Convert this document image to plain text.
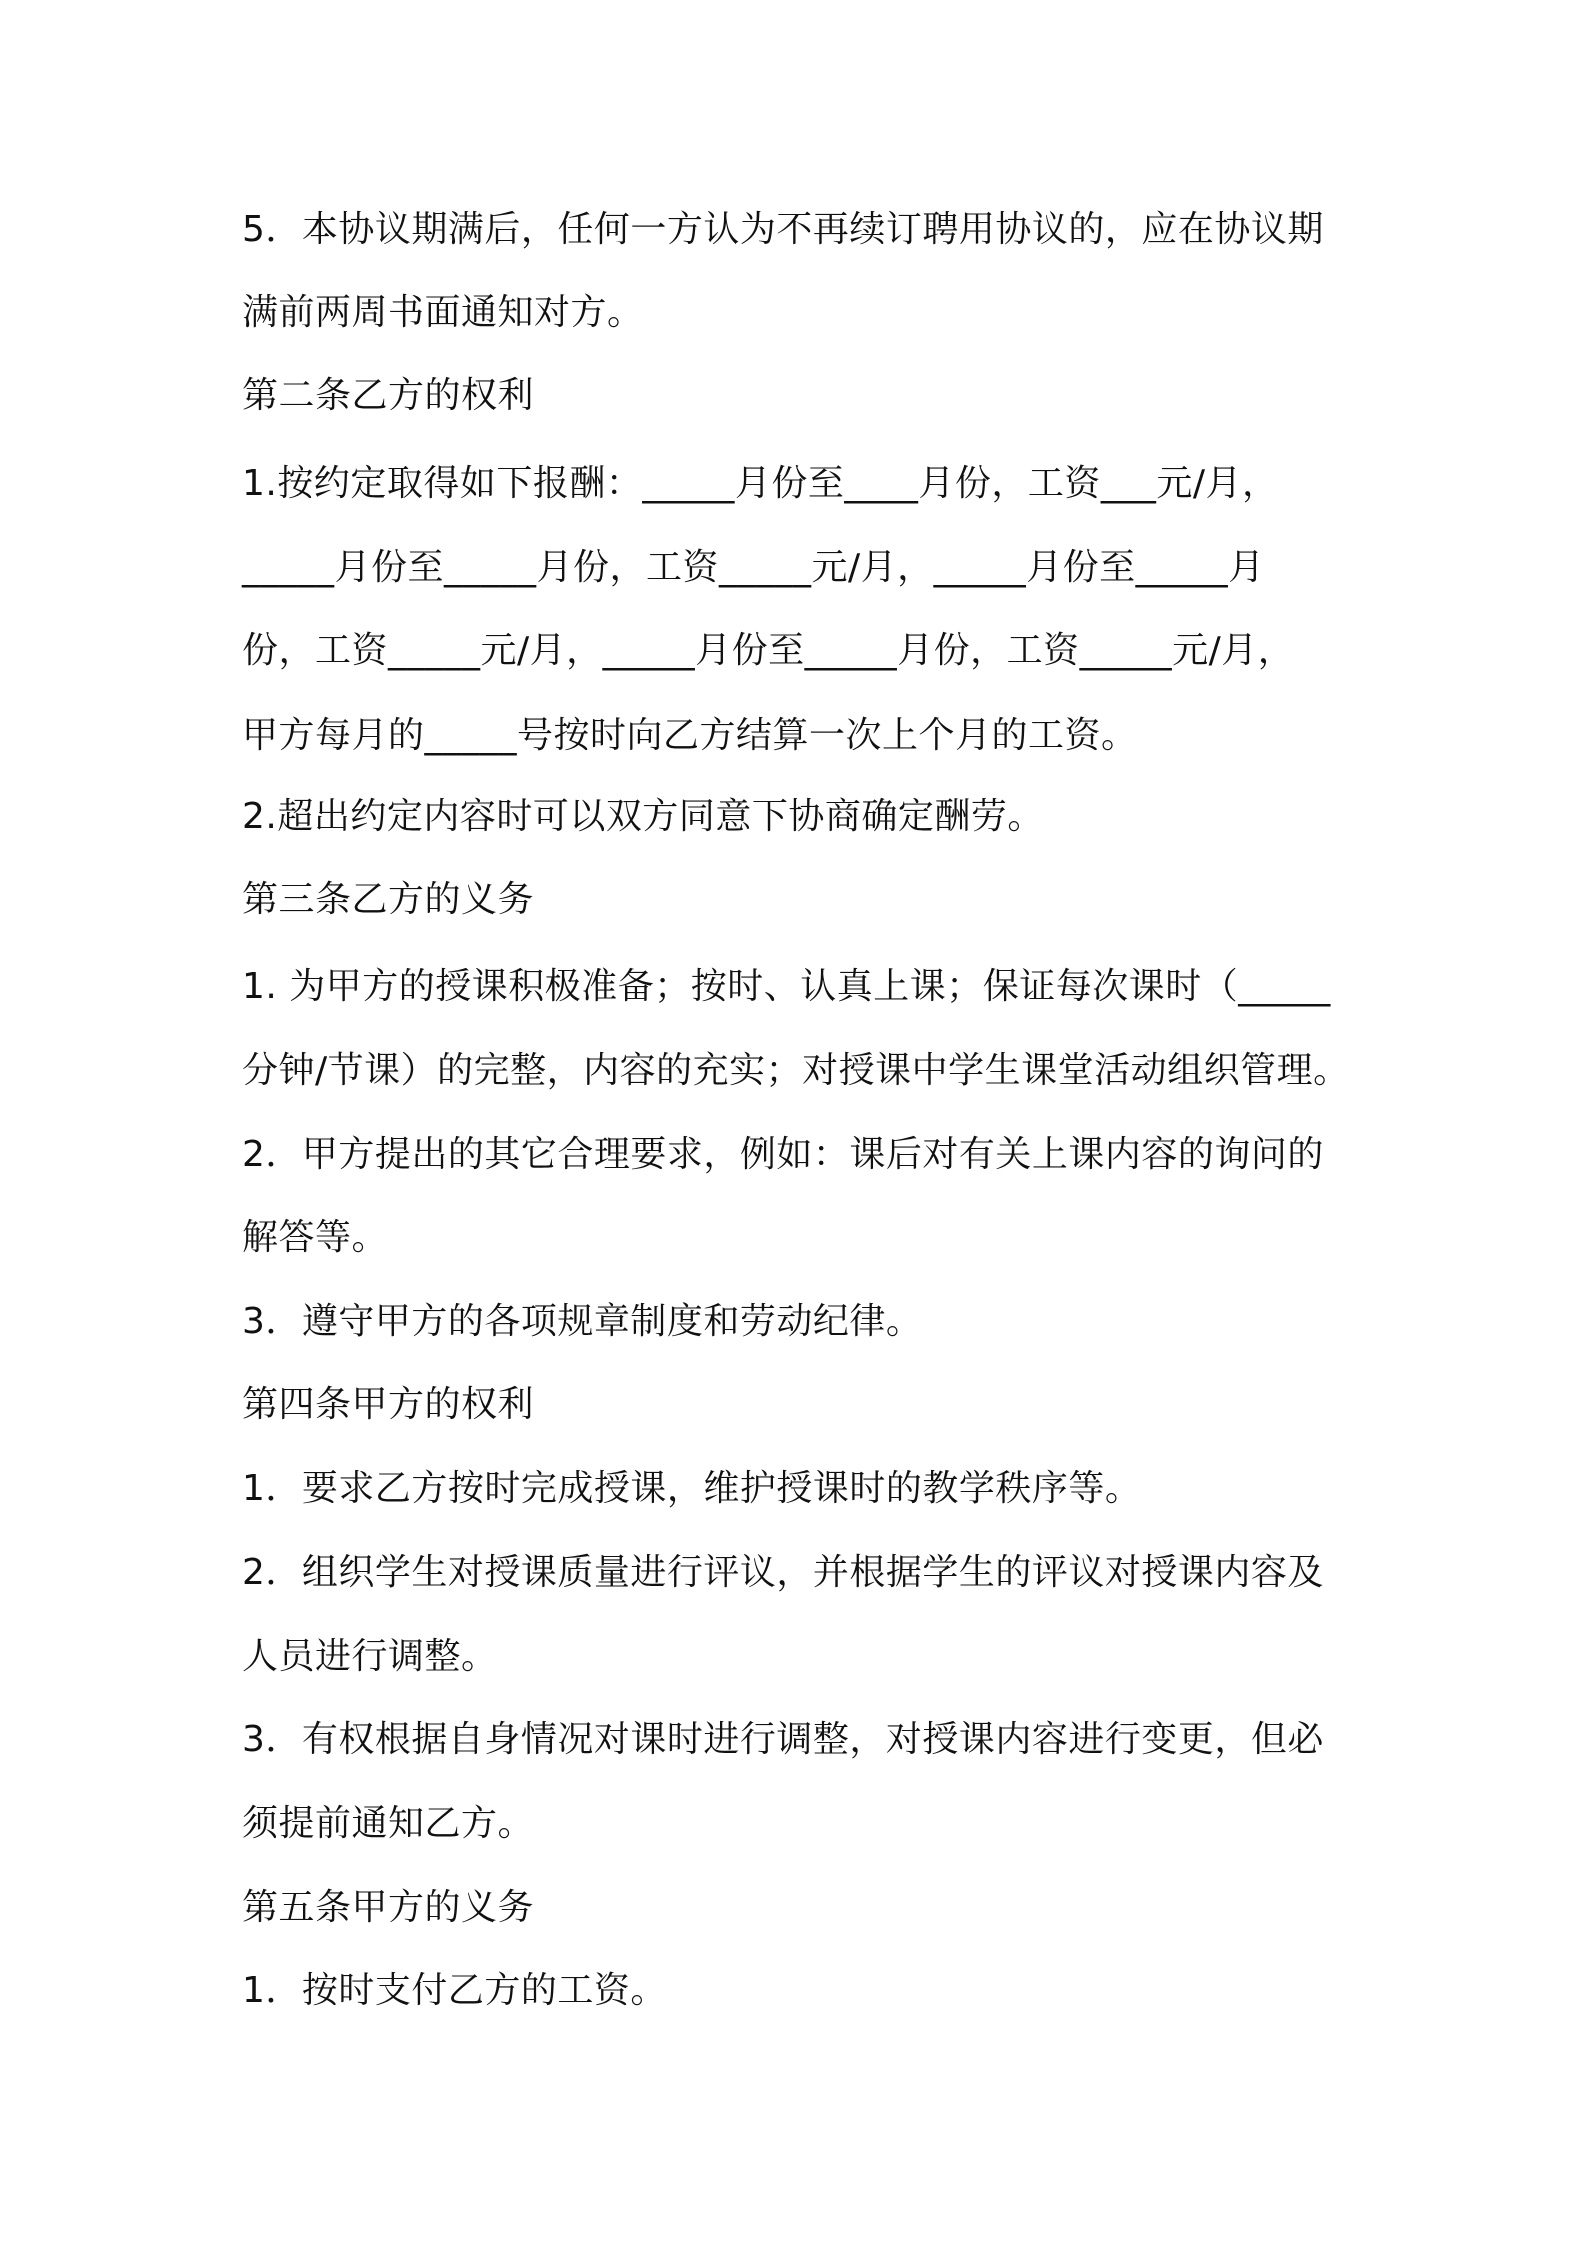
5．本协议期满后，任何一方认为不再续订聘用协议的，应在协议期
满前两周书面通知对方。
第二条乙方的权利
1.按约定取得如下报酬：_____月份至____月份，工资___元/月，
_____月份至_____月份，工资_____元/月，_____月份至_____月
份，工资_____元/月，_____月份至_____月份，工资_____元/月，
甲方每月的_____号按时向乙方结算一次上个月的工资。
2.超出约定内容时可以双方同意下协商确定酬劳。
第三条乙方的义务
1. 为甲方的授课积极准备；按时、认真上课；保证每次课时（_____
分钟/节课）的完整，内容的充实；对授课中学生课堂活动组织管理。
2．甲方提出的其它合理要求，例如：课后对有关上课内容的询问的
解答等。
3．遵守甲方的各项规章制度和劳动纪律。
第四条甲方的权利
1．要求乙方按时完成授课，维护授课时的教学秩序等。
2．组织学生对授课质量进行评议，并根据学生的评议对授课内容及
人员进行调整。
3．有权根据自身情况对课时进行调整，对授课内容进行变更，但必
须提前通知乙方。
第五条甲方的义务
1．按时支付乙方的工资。
